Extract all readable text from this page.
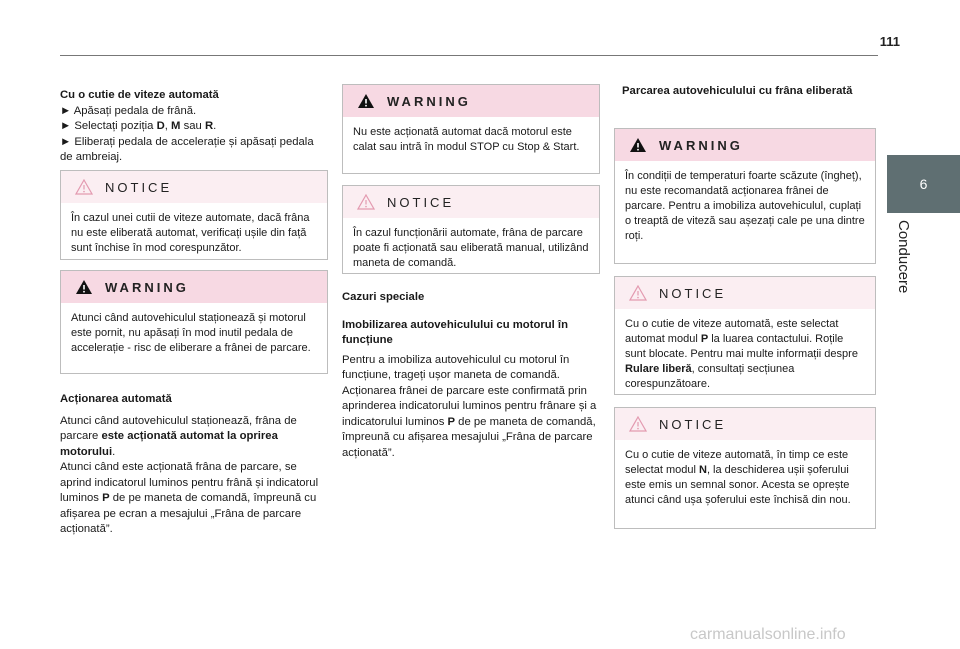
111
6
Conducere

Cu o cutie de viteze automată

► Apăsați pedala de frână.

► Selectați poziția D, M sau R.

► Eliberați pedala de accelerație și apăsați pedala de ambreiaj.

NOTICE

În cazul unei cutii de viteze automate, dacă frâna nu este eliberată automat, verificați ușile din față sunt închise în mod corespunzător.

WARNING

Atunci când autovehiculul staționează și motorul este pornit, nu apăsați în mod inutil pedala de accelerație - risc de eliberare a frânei de parcare.

Acționarea automată

Atunci când autovehiculul staționează, frâna de parcare este acționată automat la oprirea motorului.

Atunci când este acționată frâna de parcare, se aprind indicatorul luminos pentru frână și indicatorul luminos P de pe maneta de comandă, împreună cu afișarea pe ecran a mesajului „Frâna de parcare acționată”.

WARNING

Nu este acționată automat dacă motorul este calat sau intră în modul STOP cu Stop & Start.

NOTICE

În cazul funcționării automate, frâna de parcare poate fi acționată sau eliberată manual, utilizând maneta de comandă.

Cazuri speciale

Imobilizarea autovehiculului cu motorul în funcțiune

Pentru a imobiliza autovehiculul cu motorul în funcțiune, trageți ușor maneta de comandă. Acționarea frânei de parcare este confirmată prin aprinderea indicatorului luminos pentru frânare și a indicatorului luminos P de pe maneta de comandă, împreună cu afișarea mesajului „Frâna de parcare acționată”.

Parcarea autovehiculului cu frâna eliberată

WARNING

În condiții de temperaturi foarte scăzute (îngheț), nu este recomandată acționarea frânei de parcare. Pentru a imobiliza autovehiculul, cuplați o treaptă de viteză sau așezați cale pe una dintre roți.

NOTICE

Cu o cutie de viteze automată, este selectat automat modul P la luarea contactului. Roțile sunt blocate. Pentru mai multe informații despre Rulare liberă, consultați secțiunea corespunzătoare.

NOTICE

Cu o cutie de viteze automată, în timp ce este selectat modul N, la deschiderea ușii șoferului este emis un semnal sonor. Acesta se oprește atunci când ușa șoferului este închisă din nou.

carmanualsonline.info
